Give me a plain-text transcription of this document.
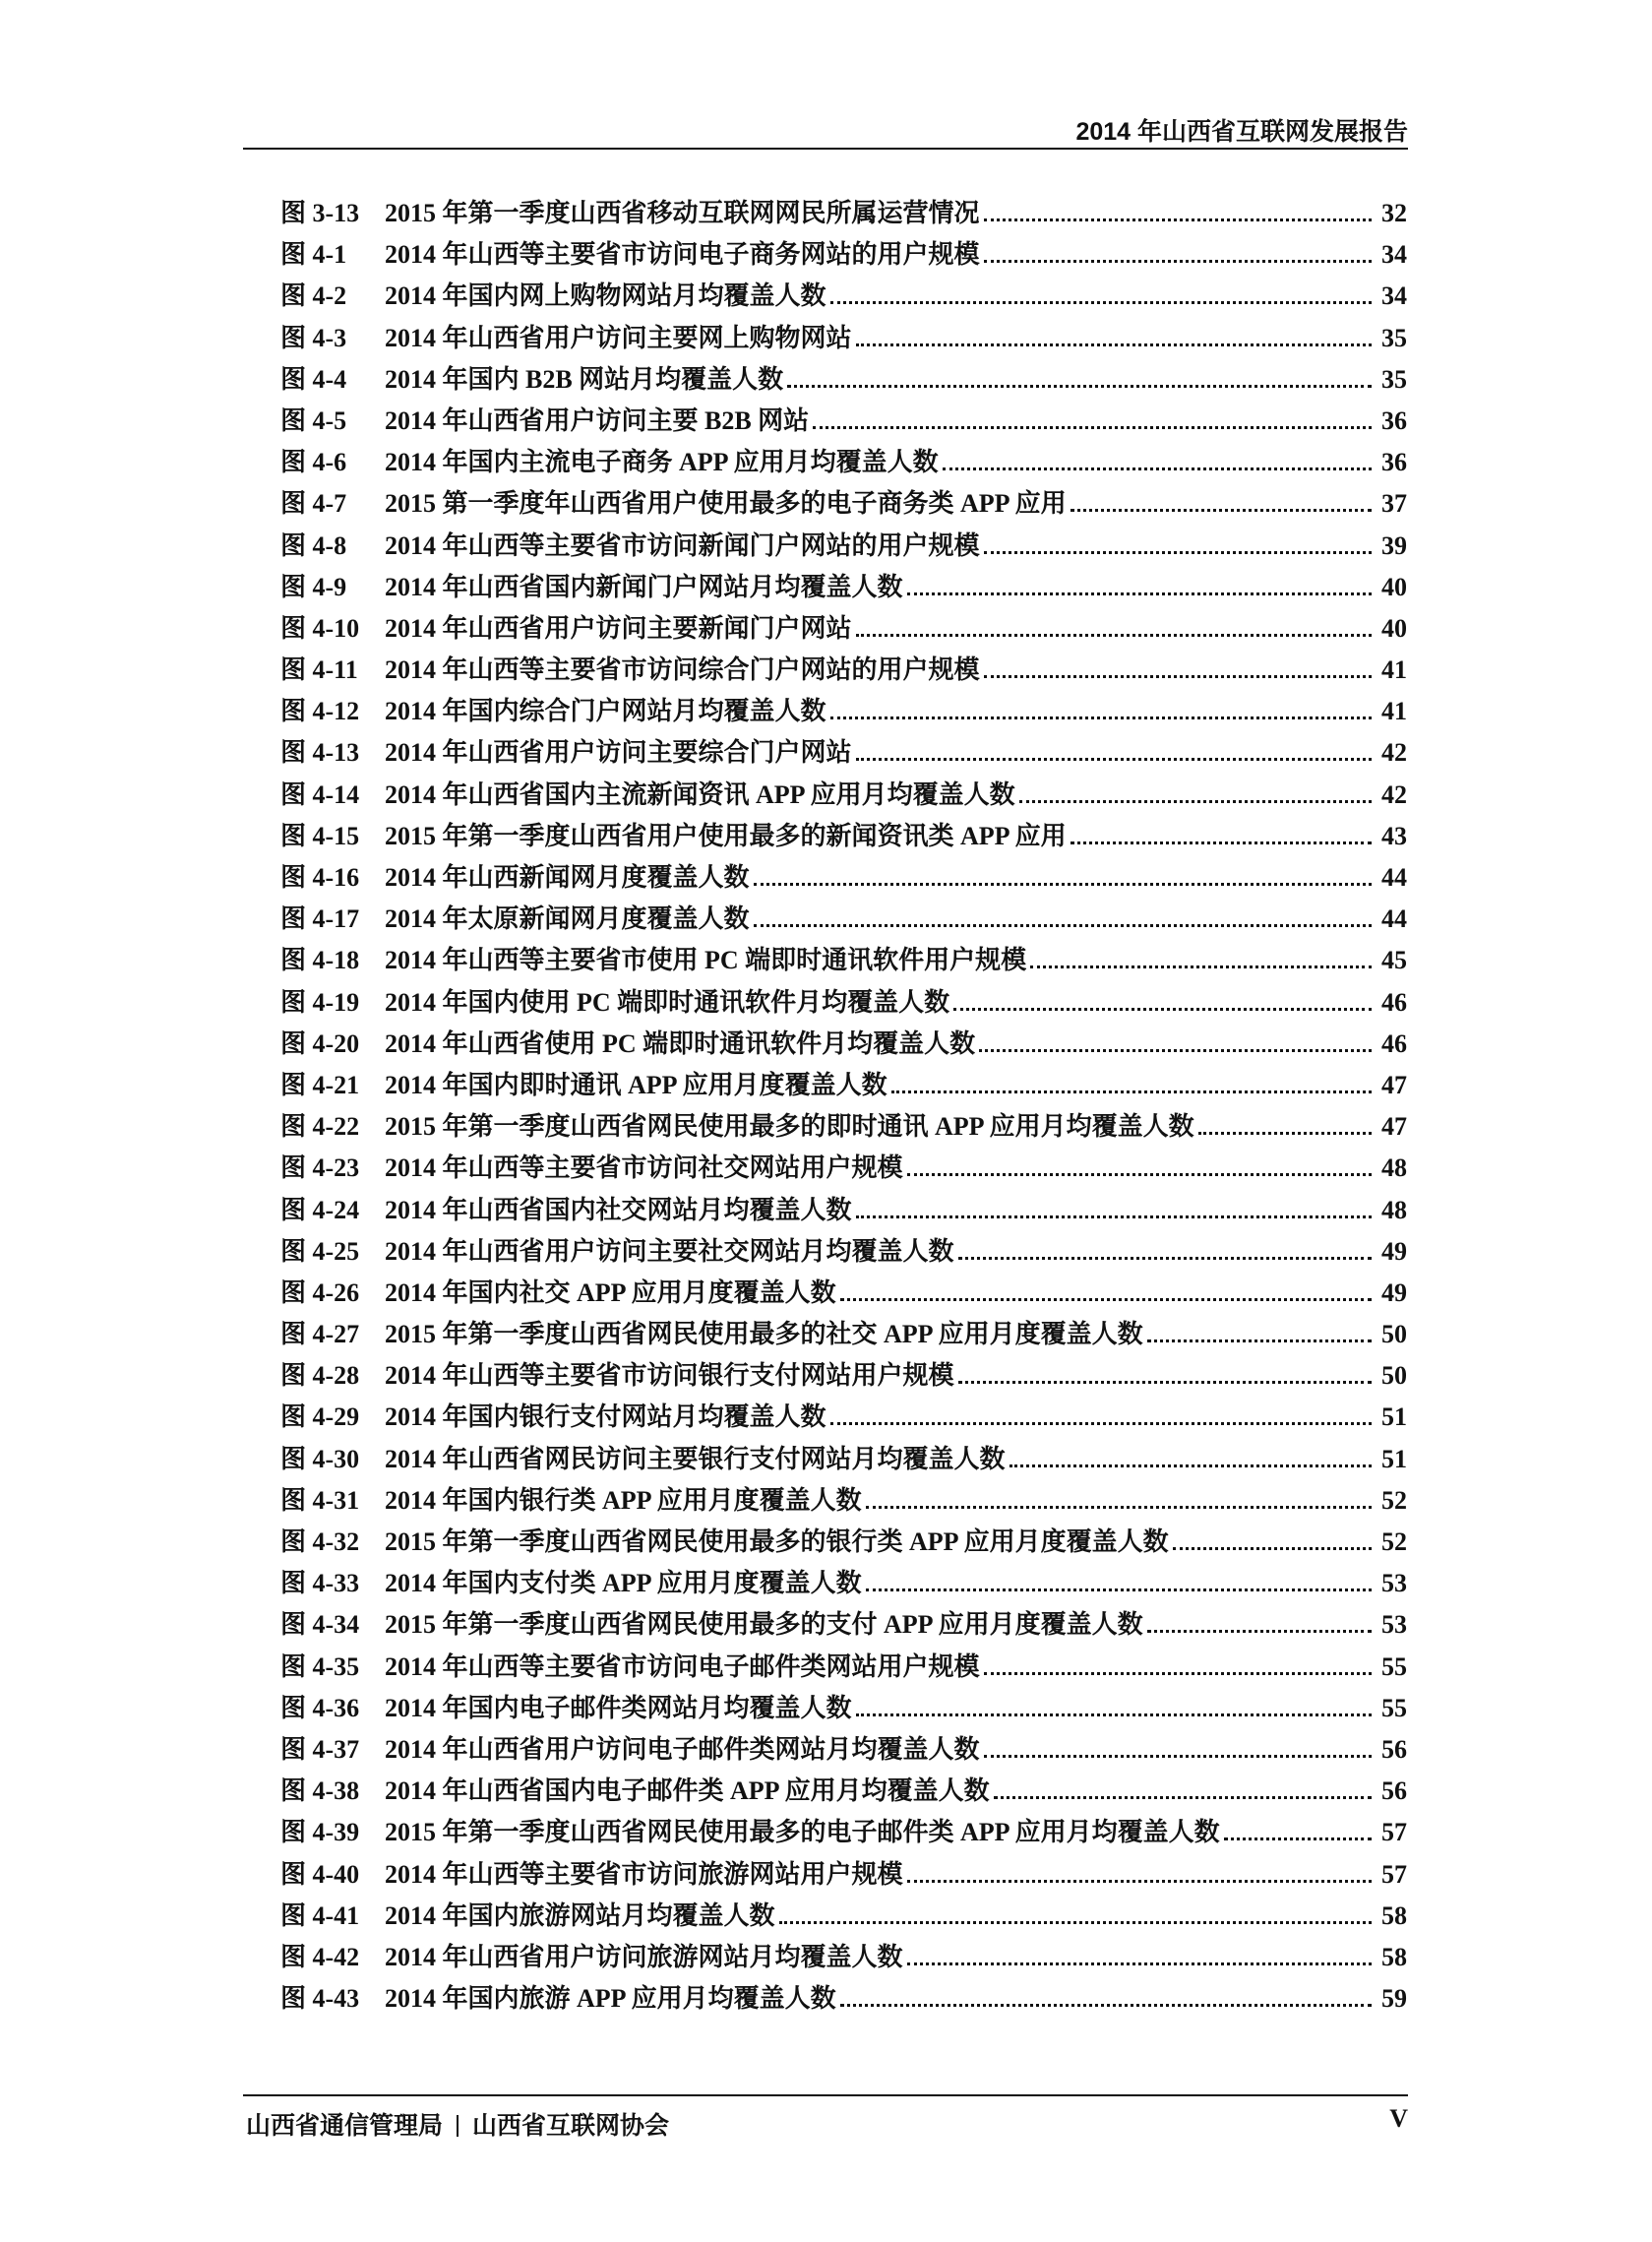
2014 年山西省互联网发展报告
图 3-13 2015 年第一季度山西省移动互联网网民所属运营情况	32
图 4-1	2014 年山西等主要省市访问电子商务网站的用户规模	34
图 4-2	2014 年国内网上购物网站月均覆盖人数	34
图 4-3	2014 年山西省用户访问主要网上购物网站	35
图 4-4	2014 年国内 B2B 网站月均覆盖人数	35
图 4-5	2014 年山西省用户访问主要 B2B 网站	36
图 4-6	2014 年国内主流电子商务 APP 应用月均覆盖人数	36
图 4-7	2015 第一季度年山西省用户使用最多的电子商务类 APP 应用	37
图 4-8	2014 年山西等主要省市访问新闻门户网站的用户规模	39
图 4-9	2014 年山西省国内新闻门户网站月均覆盖人数	40
图 4-10 2014 年山西省用户访问主要新闻门户网站	40
图 4-11	2014 年山西等主要省市访问综合门户网站的用户规模	41
图 4-12 2014 年国内综合门户网站月均覆盖人数	41
图 4-13 2014 年山西省用户访问主要综合门户网站	42
图 4-14 2014 年山西省国内主流新闻资讯 APP 应用月均覆盖人数	42
图 4-15 2015 年第一季度山西省用户使用最多的新闻资讯类 APP 应用	43
图 4-16 2014 年山西新闻网月度覆盖人数	44
图 4-17 2014 年太原新闻网月度覆盖人数	44
图 4-18 2014 年山西等主要省市使用 PC 端即时通讯软件用户规模	45
图 4-19 2014 年国内使用 PC 端即时通讯软件月均覆盖人数	46
图 4-20 2014 年山西省使用 PC 端即时通讯软件月均覆盖人数	46
图 4-21 2014 年国内即时通讯 APP 应用月度覆盖人数	47
图 4-22 2015 年第一季度山西省网民使用最多的即时通讯 APP 应用月均覆盖人数	47
图 4-23 2014 年山西等主要省市访问社交网站用户规模	48
图 4-24 2014 年山西省国内社交网站月均覆盖人数	48
图 4-25 2014 年山西省用户访问主要社交网站月均覆盖人数	49
图 4-26 2014 年国内社交 APP 应用月度覆盖人数	49
图 4-27 2015 年第一季度山西省网民使用最多的社交 APP 应用月度覆盖人数	50
图 4-28 2014 年山西等主要省市访问银行支付网站用户规模	50
图 4-29 2014 年国内银行支付网站月均覆盖人数	51
图 4-30 2014 年山西省网民访问主要银行支付网站月均覆盖人数	51
图 4-31 2014 年国内银行类 APP 应用月度覆盖人数	52
图 4-32 2015 年第一季度山西省网民使用最多的银行类 APP 应用月度覆盖人数	52
图 4-33 2014 年国内支付类 APP 应用月度覆盖人数	53
图 4-34 2015 年第一季度山西省网民使用最多的支付 APP 应用月度覆盖人数	53
图 4-35 2014 年山西等主要省市访问电子邮件类网站用户规模	55
图 4-36 2014 年国内电子邮件类网站月均覆盖人数	55
图 4-37 2014 年山西省用户访问电子邮件类网站月均覆盖人数	56
图 4-38 2014 年山西省国内电子邮件类 APP 应用月均覆盖人数	56
图 4-39 2015 年第一季度山西省网民使用最多的电子邮件类 APP 应用月均覆盖人数	57
图 4-40 2014 年山西等主要省市访问旅游网站用户规模	57
图 4-41 2014 年国内旅游网站月均覆盖人数	58
图 4-42 2014 年山西省用户访问旅游网站月均覆盖人数	58
图 4-43 2014 年国内旅游 APP 应用月均覆盖人数	59
山西省通信管理局 山西省互联网协会	V
